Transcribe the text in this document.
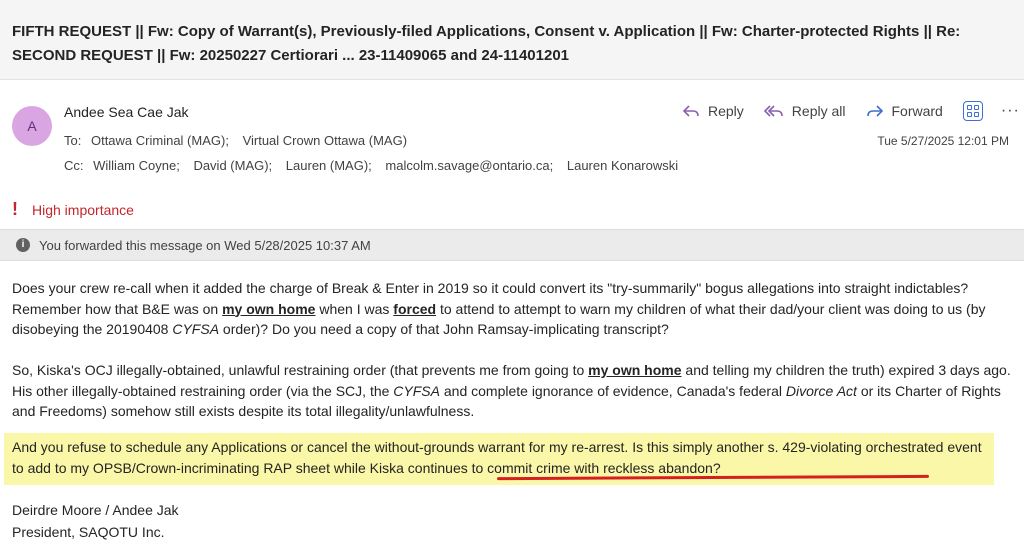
FIFTH REQUEST || Fw: Copy of Warrant(s), Previously-filed Applications, Consent v. Application || Fw: Charter-protected Rights || Re:
SECOND REQUEST || Fw: 20250227 Certiorari ... 23-11409065 and 24-11401201
A
Andee Sea Cae Jak
To: Ottawa Criminal (MAG); Virtual Crown Ottawa (MAG)
Cc: William Coyne; David (MAG); Lauren (MAG); malcolm.savage@ontario.ca; Lauren Konarowski
Reply	Reply all	Forward	···
Tue 5/27/2025 12:01 PM
! High importance
i	You forwarded this message on Wed 5/28/2025 10:37 AM

Does your crew re-call when it added the charge of Break & Enter in 2019 so it could convert its "try-summarily" bogus allegations into straight indictables? Remember how that B&E was on my own home when I was forced to attend to attempt to warn my children of what their dad/your client was doing to us (by disobeying the 20190408 CYFSA order)? Do you need a copy of that John Ramsay-implicating transcript?

So, Kiska's OCJ illegally-obtained, unlawful restraining order (that prevents me from going to my own home and telling my children the truth) expired 3 days ago. His other illegally-obtained restraining order (via the SCJ, the CYFSA and complete ignorance of evidence, Canada's federal Divorce Act or its Charter of Rights and Freedoms) somehow still exists despite its total illegality/unlawfulness.
And you refuse to schedule any Applications or cancel the without-grounds warrant for my re-arrest. Is this simply another s. 429-violating orchestrated event to add to my OPSB/Crown-incriminating RAP sheet while Kiska continues to commit crime with reckless abandon?
Deirdre Moore / Andee Jak
President, SAQOTU Inc.
